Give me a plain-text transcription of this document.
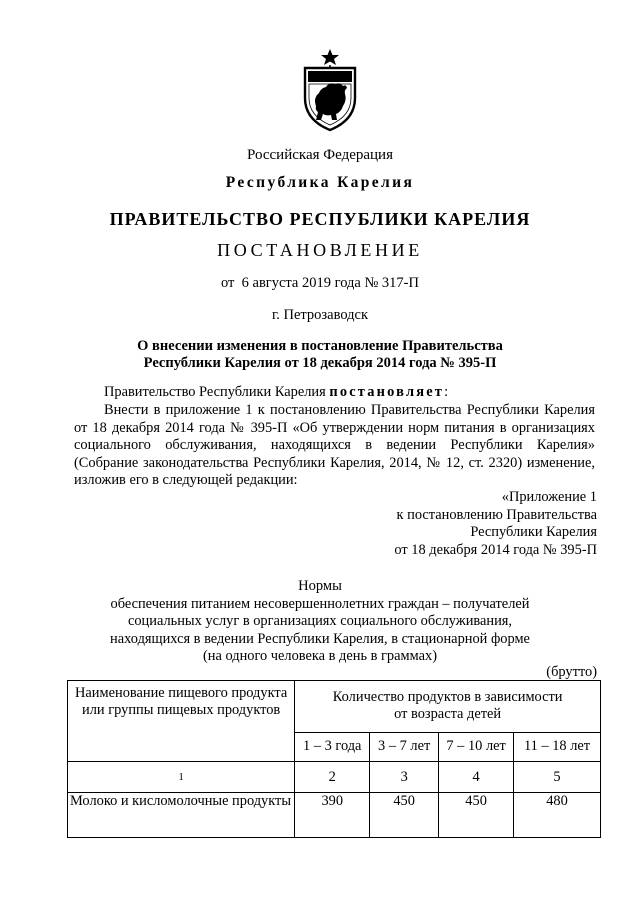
Российская Федерация
Республика Карелия
ПРАВИТЕЛЬСТВО РЕСПУБЛИКИ КАРЕЛИЯ
ПОСТАНОВЛЕНИЕ
от  6 августа 2019 года № 317-П
г. Петрозаводск
О внесении изменения в постановление Правительства
Республики Карелия от 18 декабря 2014 года № 395-П
Правительство Республики Карелия постановляет:
Внести в приложение 1 к постановлению Правительства Республики Карелия от 18 декабря 2014 года № 395-П «Об утверждении норм питания в организациях социального обслуживания, находящихся в ведении Республики Карелия» (Собрание законодательства Республики Карелия, 2014, № 12, ст. 2320) изменение, изложив его в следующей редакции:
«Приложение 1
к постановлению Правительства
Республики Карелия
от 18 декабря 2014 года № 395-П
Нормы
обеспечения питанием несовершеннолетних граждан – получателей
социальных услуг в организациях социального обслуживания,
находящихся в ведении Республики Карелия, в стационарной форме
(на одного человека в день в граммах)
(брутто)
Наименование пищевого продукта или группы пищевых продуктов	Количество продуктов в зависимости от возраста детей			

	1 – 3 года	3 – 7 лет	7 – 10 лет	11 – 18 лет
1	2	3	4	5
Молоко и кисломолочные продукты	390	450	450	480
